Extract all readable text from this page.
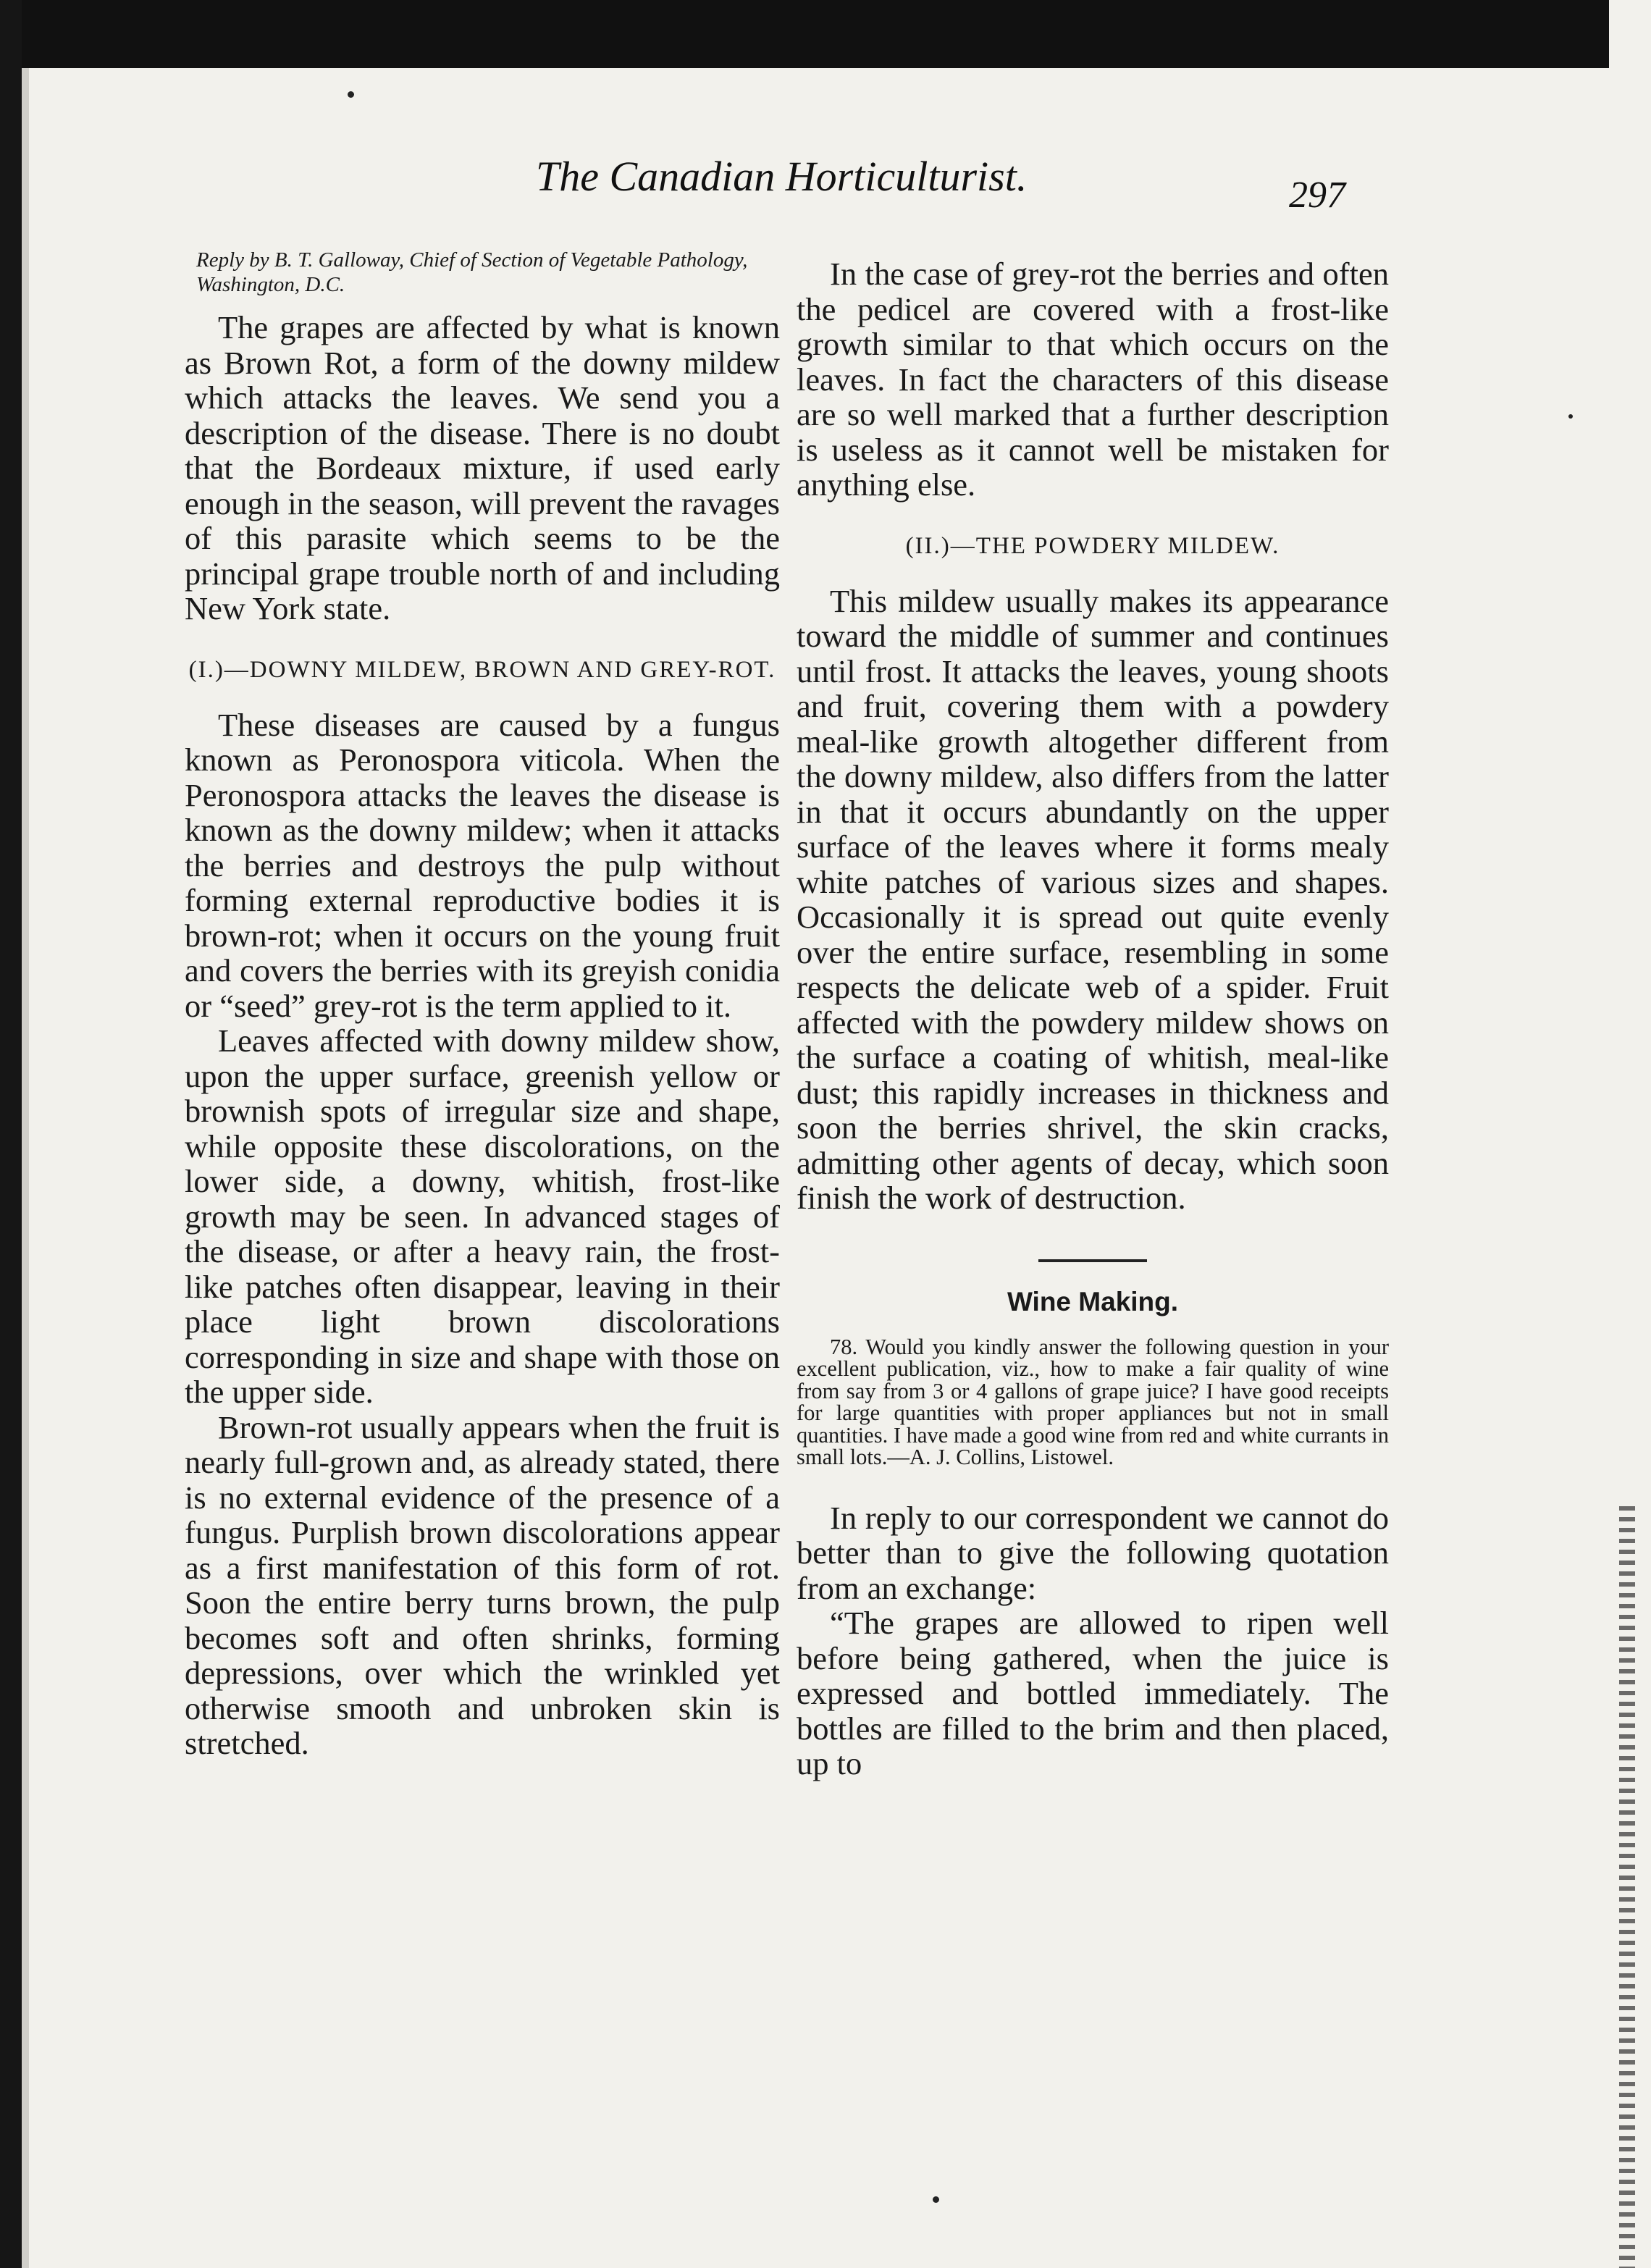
The Canadian Horticulturist.	297

Reply by B. T. Galloway, Chief of Section of Vegetable Pathology, Washington, D.C.

The grapes are affected by what is known as Brown Rot, a form of the downy mildew which attacks the leaves. We send you a description of the disease. There is no doubt that the Bordeaux mixture, if used early enough in the season, will prevent the ravages of this parasite which seems to be the principal grape trouble north of and including New York state.

(I.)—DOWNY MILDEW, BROWN AND GREY-ROT.

These diseases are caused by a fungus known as Peronospora viticola. When the Peronospora attacks the leaves the disease is known as the downy mildew; when it attacks the berries and destroys the pulp without forming external reproductive bodies it is brown-rot; when it occurs on the young fruit and covers the berries with its greyish conidia or “seed” grey-rot is the term applied to it.

Leaves affected with downy mildew show, upon the upper surface, greenish yellow or brownish spots of irregular size and shape, while opposite these discolorations, on the lower side, a downy, whitish, frost-like growth may be seen. In advanced stages of the disease, or after a heavy rain, the frost-like patches often disappear, leaving in their place light brown discolorations corresponding in size and shape with those on the upper side.

Brown-rot usually appears when the fruit is nearly full-grown and, as already stated, there is no external evidence of the presence of a fungus. Purplish brown discolorations appear as a first manifestation of this form of rot. Soon the entire berry turns brown, the pulp becomes soft and often shrinks, forming depressions, over which the wrinkled yet otherwise smooth and unbroken skin is stretched.

In the case of grey-rot the berries and often the pedicel are covered with a frost-like growth similar to that which occurs on the leaves. In fact the characters of this disease are so well marked that a further description is useless as it cannot well be mistaken for anything else.

(II.)—THE POWDERY MILDEW.

This mildew usually makes its appearance toward the middle of summer and continues until frost. It attacks the leaves, young shoots and fruit, covering them with a powdery meal-like growth altogether different from the downy mildew, also differs from the latter in that it occurs abundantly on the upper surface of the leaves where it forms mealy white patches of various sizes and shapes. Occasionally it is spread out quite evenly over the entire surface, resembling in some respects the delicate web of a spider. Fruit affected with the powdery mildew shows on the surface a coating of whitish, meal-like dust; this rapidly increases in thickness and soon the berries shrivel, the skin cracks, admitting other agents of decay, which soon finish the work of destruction.

Wine Making.

78. Would you kindly answer the following question in your excellent publication, viz., how to make a fair quality of wine from say from 3 or 4 gallons of grape juice? I have good receipts for large quantities with proper appliances but not in small quantities. I have made a good wine from red and white currants in small lots.—A. J. Collins, Listowel.

In reply to our correspondent we cannot do better than to give the following quotation from an exchange:

“The grapes are allowed to ripen well before being gathered, when the juice is expressed and bottled immediately. The bottles are filled to the brim and then placed, up to
